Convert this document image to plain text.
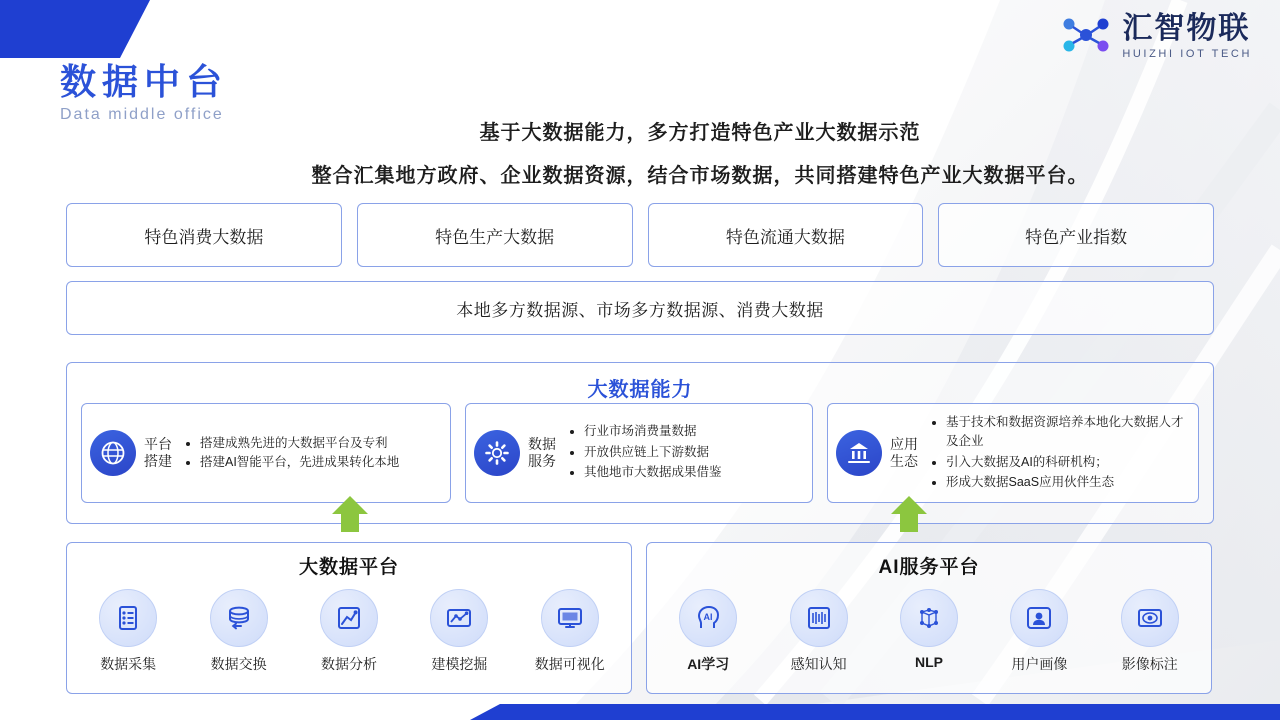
汇智物联
HUIZHI IOT TECH
数据中台
Data middle office
基于大数据能力，多方打造特色产业大数据示范
整合汇集地方政府、企业数据资源，结合市场数据，共同搭建特色产业大数据平台。
特色消费大数据	特色生产大数据	特色流通大数据	特色产业指数
本地多方数据源、市场多方数据源、消费大数据
大数据能力
平台
搭建
• 搭建成熟先进的大数据平台及专利
• 搭建AI智能平台，先进成果转化本地
数据
服务
• 行业市场消费量数据
• 开放供应链上下游数据
• 其他地市大数据成果借鉴
应用
生态
• 基于技术和数据资源培养本地化大数据人才及企业
• 引入大数据及AI的科研机构；
• 形成大数据SaaS应用伙伴生态
大数据平台
数据采集	数据交换	数据分析	建模挖掘	数据可视化
AI服务平台
AI
AI学习	感知认知	NLP	用户画像	影像标注
